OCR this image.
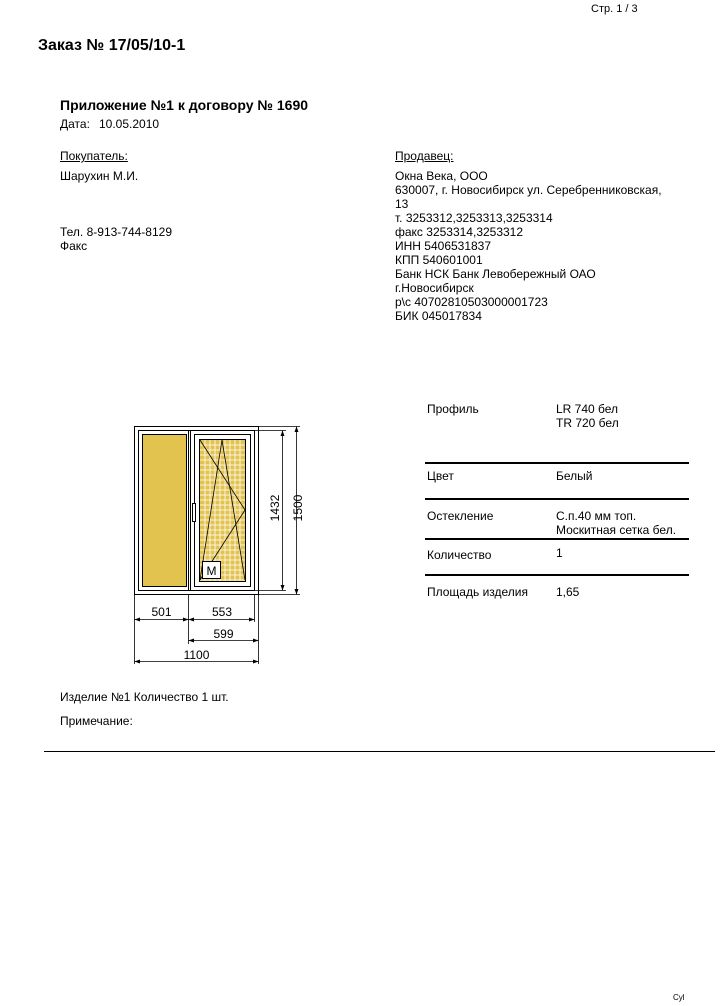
Стр. 1 / 3
Заказ № 17/05/10-1
Приложение №1 к договору № 1690
Дата: 10.05.2010
Покупатель:
Шарухин М.И.
Тел. 8-913-744-8129
Факс
Продавец:
Окна Века, ООО
630007, г. Новосибирск ул. Серебренниковская,
13
т. 3253312,3253313,3253314
факс 3253314,3253312
ИНН 5406531837
КПП 540601001
Банк НСК Банк Левобережный ОАО
г.Новосибирск
р\с 40702810503000001723
БИК 045017834
М
1432 1500
501	553
599
1100
Профиль	LR 740 бел
TR 720 бел
Цвет	Белый
Остекление	С.п.40 мм топ.
Москитная сетка бел.
Количество	1
Площадь изделия 1,65
Изделие №1 Количество 1 шт.
Примечание:
Cyl
